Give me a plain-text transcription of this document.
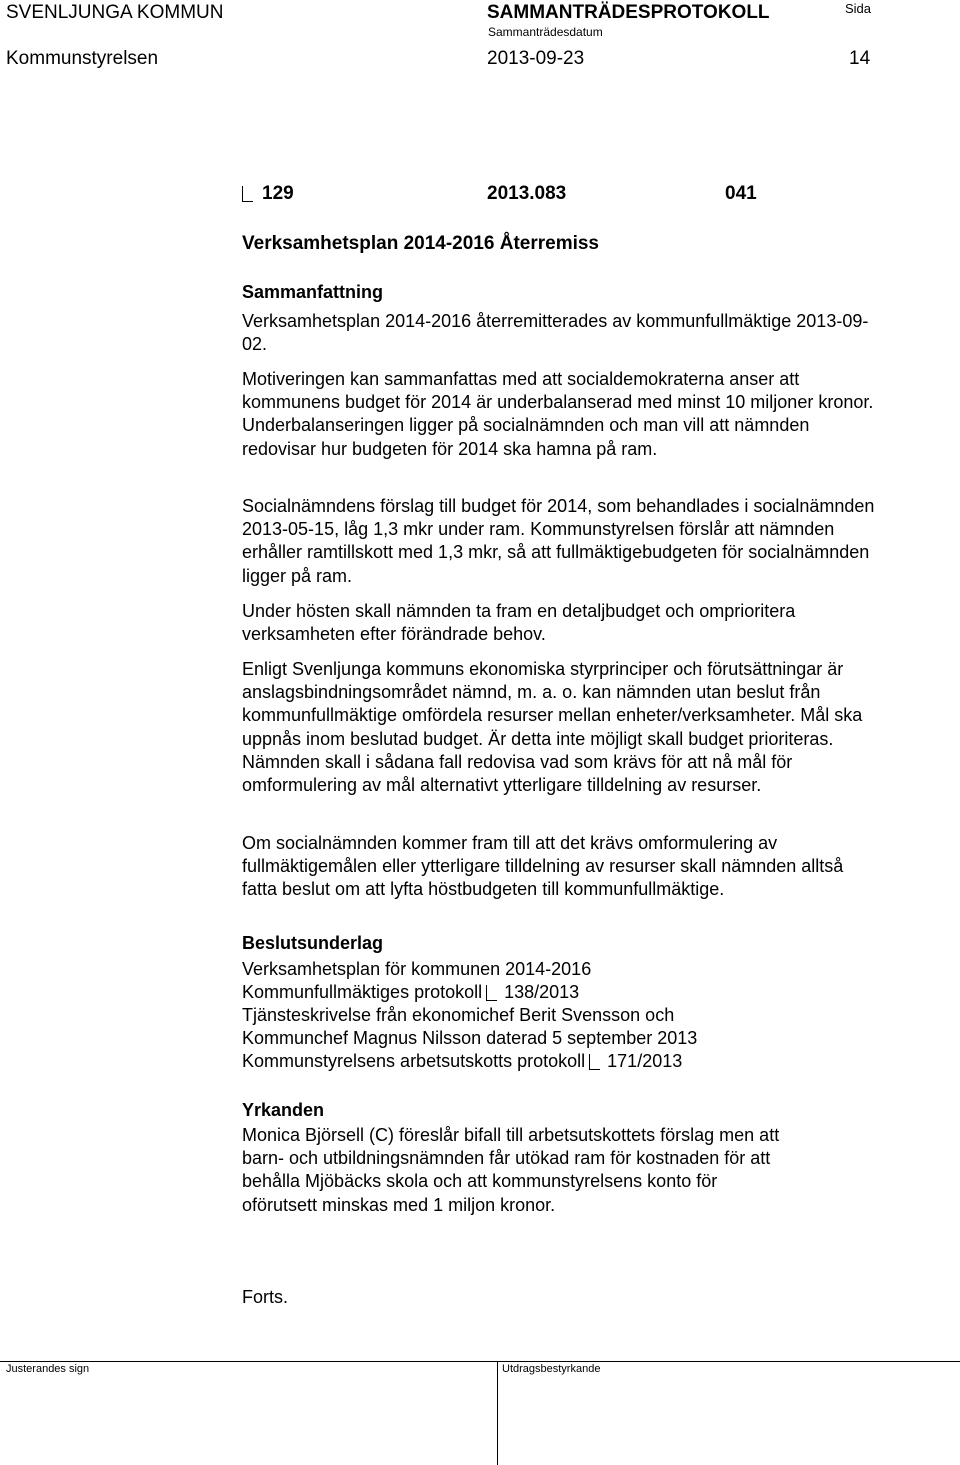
SVENLJUNGA KOMMUN	SAMMANTRÄDESPROTOKOLL
Sammanträdesdatum
Sida
Kommunstyrelsen	2013-09-23	14
129	2013.083	041
Verksamhetsplan 2014-2016 Återremiss
Sammanfattning

Verksamhetsplan 2014-2016 återremitterades av kommunfullmäktige 2013-09-02.

Motiveringen kan sammanfattas med att socialdemokraterna anser att kommunens budget för 2014 är underbalanserad med minst 10 miljoner kronor. Underbalanseringen ligger på socialnämnden och man vill att nämnden redovisar hur budgeten för 2014 ska hamna på ram.

Socialnämndens förslag till budget för 2014, som behandlades i socialnämnden 2013-05-15, låg 1,3 mkr under ram. Kommunstyrelsen förslår att nämnden erhåller ramtillskott med 1,3 mkr, så att fullmäktigebudgeten för socialnämnden ligger på ram.

Under hösten skall nämnden ta fram en detaljbudget och omprioritera verksamheten efter förändrade behov.

Enligt Svenljunga kommuns ekonomiska styrprinciper och förutsättningar är anslagsbindningsområdet nämnd, m. a. o. kan nämnden utan beslut från kommunfullmäktige omfördela resurser mellan enheter/verksamheter. Mål ska uppnås inom beslutad budget. Är detta inte möjligt skall budget prioriteras. Nämnden skall i sådana fall redovisa vad som krävs för att nå mål för omformulering av mål alternativt ytterligare tilldelning av resurser.

Om socialnämnden kommer fram till att det krävs omformulering av fullmäktigemålen eller ytterligare tilldelning av resurser skall nämnden alltså fatta beslut om att lyfta höstbudgeten till kommunfullmäktige.

Beslutsunderlag
Verksamhetsplan för kommunen 2014-2016
Kommunfullmäktiges protokoll 138/2013
Tjänsteskrivelse från ekonomichef Berit Svensson och
Kommunchef Magnus Nilsson daterad 5 september 2013
Kommunstyrelsens arbetsutskotts protokoll 171/2013
Yrkanden

Monica Björsell (C) föreslår bifall till arbetsutskottets förslag men att barn- och utbildningsnämnden får utökad ram för kostnaden för att behålla Mjöbäcks skola och att kommunstyrelsens konto för oförutsett minskas med 1 miljon kronor.

Forts.
Justerandes sign	Utdragsbestyrkande
